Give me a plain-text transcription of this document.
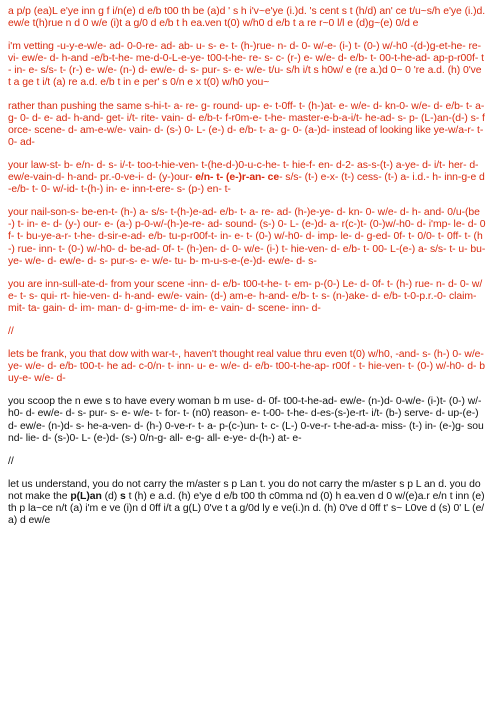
a p/p (ea)L e'ye inn g f i/n(e) d e/b t00 th be (a)d ' s h i'v~e'ye (i.)d. 's cent s t (h/d) an' ce t/u~s/h e'ye (i.)d. ew/e t(h)rue n d 0 w/e (i)t a g/0 d e/b t h ea.ven t(0) w/h0 d e/b t a re r~0 l/l e (d)g~(e) 0/d e

i'm vetting -u-y-e-w/e- ad- 0-0-re- ad- ab- u- s- e- t- (h-)rue- n- d- 0- w/-e- (i-) t- (0-) w/-h0 -(d-)g-et-he- re- vi- ew/e- d- h-and -e/b-t-he- me-d-0-L-e-ye- t00-t-he- re- s- c- (r-) e- w/e- d- e/b- t- 00-t-he-ad- ap-p-r00f- t- in- e- s/s- t- (r-) e- w/e- (n-) d- ew/e- d- s- pur- s- e- w/e- t/u- s/h i/t s h0w/ e (re a.)d 0~ 0 're a.d. (h) 0've t a ge t i/t (a) re a.d. e/b t in e per' s 0/n e x t(0) w/h0 you~

rather than pushing the same s-hi-t- a- re- g- round- up- e- t-0ff- t- (h-)at- e- w/e- d- kn-0- w/e- d- e/b- t- a- g- 0- d- e- ad- h-and- get- i/t- rite- vain- d- e/b-t- f-r0m-e- t-he- master-e-b-a-i/t- he-ad- s- p- (L-)an-(d-) s- force- scene- d- am-e-w/e- vain- d- (s-) 0- L- (e-) d- e/b- t- a- g- 0- (a-)d- instead of looking like ye-w/a-r- t- 0- ad-

your law-st- b- e/n- d- s- i/-t- too-t-hie-ven- t-(he-d-)0-u-c-he- t- hie-f- en- d-2- as-s-(t-) a-ye- d- i/t- her- d- ew/e-vain-d- h-and- pr.-0-ve-i- d- (y-)our- e/n- t- (e-)r-an- ce- s/s- (t-) e-x- (t-) cess- (t-) a- i.d.- h- inn-g-e d-e/b- t- 0- w/-id- t-(h-) in- e- inn-t-ere- s- (p-) en- t-

your nail-son-s- be-en-t- (h-) a- s/s- t-(h-)e-ad- e/b- t- a- re- ad- (h-)e-ye- d- kn- 0- w/e- d- h- and- 0/u-(be-) t- in- e- d- (y-) our- e- (a-) p-0-w/-(h-)e-re- ad- sound- (s-) 0- L- (e-)d- a- r(c-)t- (0-)w/-h0- d- i'mp- le- d- 0f- t- bu-ye-a-r- t-he- d-sir-e-ad- e/b- tu-p-r00f-t- in- e- t- (0-) w/-h0- d- imp- le- d- g-ed- 0f- t- 0/0- t- 0ff- t- (h-) rue- inn- t- (0-) w/-h0- d- be-ad- 0f- t- (h-)en- d- 0- w/e- (i-) t- hie-ven- d- e/b- t- 00- L-(e-) a- s/s- t- u- bu-ye- w/e- d- ew/e- d- s- pur-s- e- w/e- tu- b- m-u-s-e-(e-)d- ew/e- d- s-

you are inn-sull-ate-d- from your scene -inn- d- e/b- t00-t-he- t- em- p-(0-) Le- d- 0f- t- (h-) rue- n- d- 0- w/e- t- s- qui- rt- hie-ven- d- h-and- ew/e- vain- (d-) am-e- h-and- e/b- t- s- (n-)ake- d- e/b- t-0-p.r.-0- claim- mit- ta- gain- d- im- man- d- g-im-me- d- im- e- vain- d- scene- inn- d-

//

lets be frank, you that dow with war-t-, haven't thought real value thru even t(0) w/h0, -and- s- (h-) 0- w/e- ye- w/e- d- e/b- t00-t- he ad- c-0/n- t- inn- u- e- w/e- d- e/b- t00-t-he-ap- r00f - t- hie-ven- t- (0-) w/-h0- d- buy-e- w/e- d-

you scoop the n ewe s to have every woman b m use- d- 0f- t00-t-he-ad- ew/e- (n-)d- 0-w/e- (i-)t- (0-) w/-h0- d- ew/e- d- s- pur- s- e- w/e- t- for- t- (n0) reason- e- t-00- t-he- d-es-(s-)e-rt- i/t- (b-) serve- d- up-(e-) d- ew/e- (n-)d- s- he-a-ven- d- (h-) 0-ve-r- t- a- p-(c-)un- t- c- (L-) 0-ve-r- t-he-ad-a- miss- (t-) in- (e-)g- sound- lie- d- (s-)0- L- (e-)d- (s-) 0/n-g- all- e-g- all- e-ye- d-(h-) at- e-

//

let us understand, you do not carry the m/aster s p Lan t. you do not carry the m/aster s p L an d. you do not make the p(L)an (d) s t (h) e a.d. (h) e'ye d e/b t00 th c0mma nd (0) h ea.ven d 0 w/(e)a.r e/n t inn (e) th p la~ce n/t (a) i'm e ve (i)n d 0ff i/t a g(L) 0've t a g/0d ly e ve(i.)n d. (h) 0've d 0ff t' s~ L0ve d (s) 0' L (e/a) d ew/e
